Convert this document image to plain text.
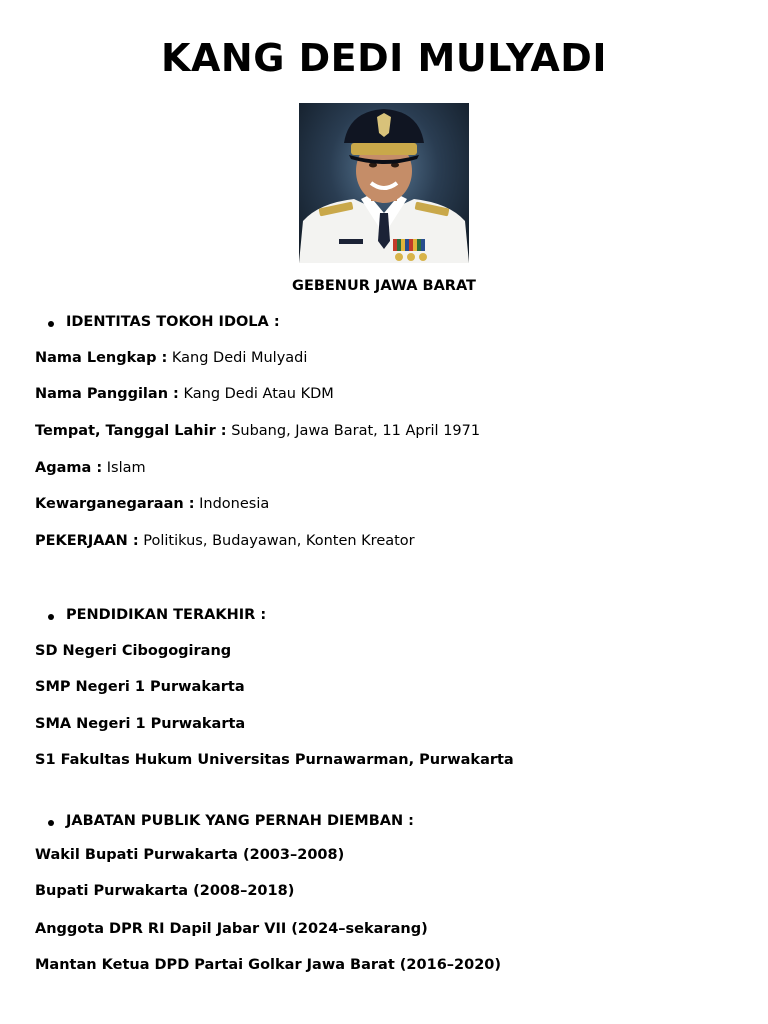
KANG DEDI MULYADI
GEBENUR JAWA BARAT
IDENTITAS TOKOH IDOLA :
Nama Lengkap : Kang Dedi Mulyadi
Nama Panggilan : Kang Dedi Atau KDM
Tempat, Tanggal Lahir : Subang, Jawa Barat, 11 April 1971
Agama : Islam
Kewarganegaraan : Indonesia
PEKERJAAN : Politikus, Budayawan, Konten Kreator
PENDIDIKAN TERAKHIR :
SD Negeri Cibogogirang
SMP Negeri 1 Purwakarta
SMA Negeri 1 Purwakarta
S1 Fakultas Hukum Universitas Purnawarman, Purwakarta
JABATAN PUBLIK YANG PERNAH DIEMBAN :
Wakil Bupati Purwakarta (2003–2008)
Bupati Purwakarta (2008–2018)
Anggota DPR RI Dapil Jabar VII (2024–sekarang)
Mantan Ketua DPD Partai Golkar Jawa Barat (2016–2020)
